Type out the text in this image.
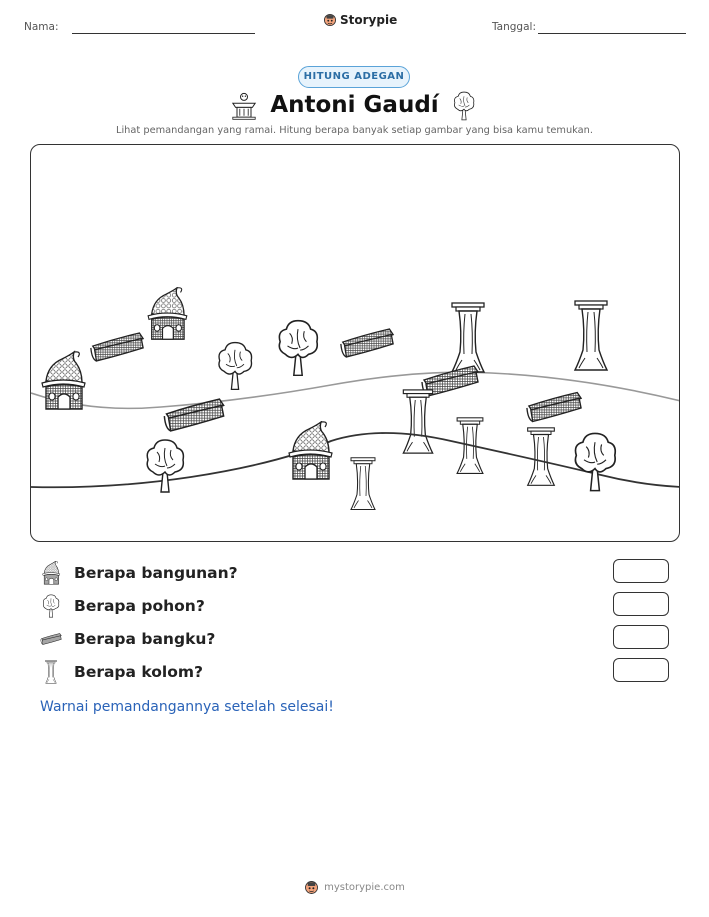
Nama:	Storypie	Tanggal:
HITUNG ADEGAN
Antoni Gaudí
Lihat pemandangan yang ramai. Hitung berapa banyak setiap gambar yang bisa kamu temukan.
Berapa bangunan?
Berapa pohon?
Berapa bangku?
Berapa kolom?
Warnai pemandangannya setelah selesai!
mystorypie.com
